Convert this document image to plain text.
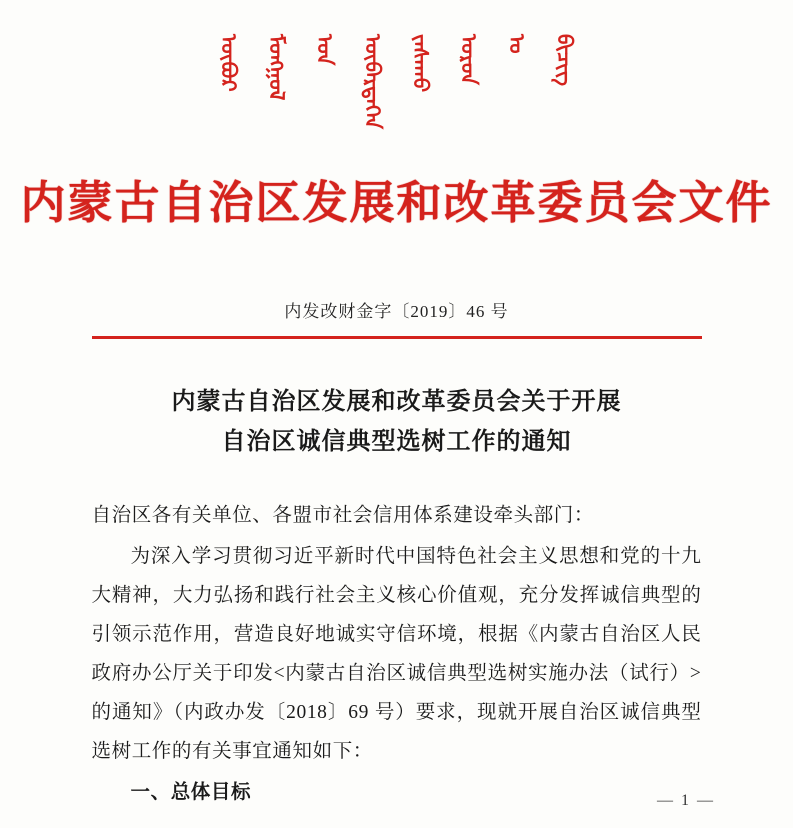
ᠦᠪᠦᠷ ᠮᠣᠩᠭᠣᠯ ᠤᠨ ᠥᠪᠡᠷᠲᠡᠭᠡᠨ ᠵᠠᠰᠠᠬᠤ ᠣᠷᠣᠨ ᠤ ᠪᠢᠴᠢᠭ
内蒙古自治区发展和改革委员会文件
内发改财金字〔2019〕46 号
内蒙古自治区发展和改革委员会关于开展
自治区诚信典型选树工作的通知

自治区各有关单位、各盟市社会信用体系建设牵头部门：

为深入学习贯彻习近平新时代中国特色社会主义思想和党的十九大精神，大力弘扬和践行社会主义核心价值观，充分发挥诚信典型的引领示范作用，营造良好地诚实守信环境，根据《内蒙古自治区人民政府办公厅关于印发<内蒙古自治区诚信典型选树实施办法（试行）>的通知》（内政办发〔2018〕69 号）要求，现就开展自治区诚信典型选树工作的有关事宜通知如下：

一、总体目标	— 1 —
